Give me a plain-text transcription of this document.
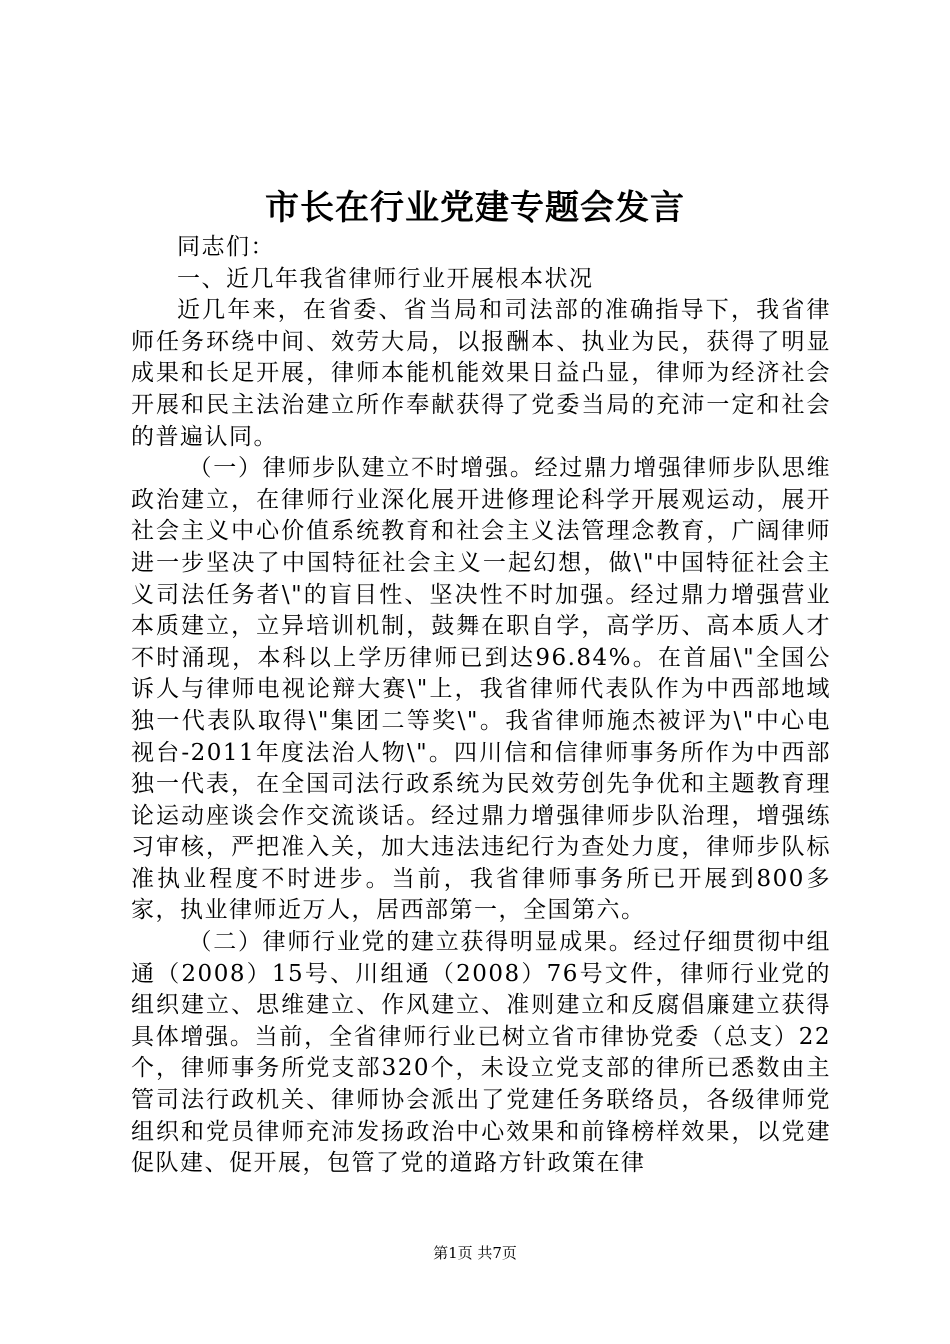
市长在行业党建专题会发言

同志们：

一、近几年我省律师行业开展根本状况

近几年来，在省委、省当局和司法部的准确指导下，我省律师任务环绕中间、效劳大局，以报酬本、执业为民，获得了明显成果和长足开展，律师本能机能效果日益凸显，律师为经济社会开展和民主法治建立所作奉献获得了党委当局的充沛一定和社会的普遍认同。

（一）律师步队建立不时增强。经过鼎力增强律师步队思维政治建立，在律师行业深化展开进修理论科学开展观运动，展开社会主义中心价值系统教育和社会主义法管理念教育，广阔律师进一步坚决了中国特征社会主义一起幻想，做\"中国特征社会主义司法任务者\"的盲目性、坚决性不时加强。经过鼎力增强营业本质建立，立异培训机制，鼓舞在职自学，高学历、高本质人才不时涌现，本科以上学历律师已到达96.84%。在首届\"全国公诉人与律师电视论辩大赛\"上，我省律师代表队作为中西部地域独一代表队取得\"集团二等奖\"。我省律师施杰被评为\"中心电视台-2011年度法治人物\"。四川信和信律师事务所作为中西部独一代表，在全国司法行政系统为民效劳创先争优和主题教育理论运动座谈会作交流谈话。经过鼎力增强律师步队治理，增强练习审核，严把准入关，加大违法违纪行为查处力度，律师步队标准执业程度不时进步。当前，我省律师事务所已开展到800多家，执业律师近万人，居西部第一，全国第六。

（二）律师行业党的建立获得明显成果。经过仔细贯彻中组通（2008）15号、川组通（2008）76号文件，律师行业党的组织建立、思维建立、作风建立、准则建立和反腐倡廉建立获得具体增强。当前，全省律师行业已树立省市律协党委（总支）22个，律师事务所党支部320个，未设立党支部的律所已悉数由主管司法行政机关、律师协会派出了党建任务联络员，各级律师党组织和党员律师充沛发扬政治中心效果和前锋榜样效果，以党建促队建、促开展，包管了党的道路方针政策在律

第1页 共7页
